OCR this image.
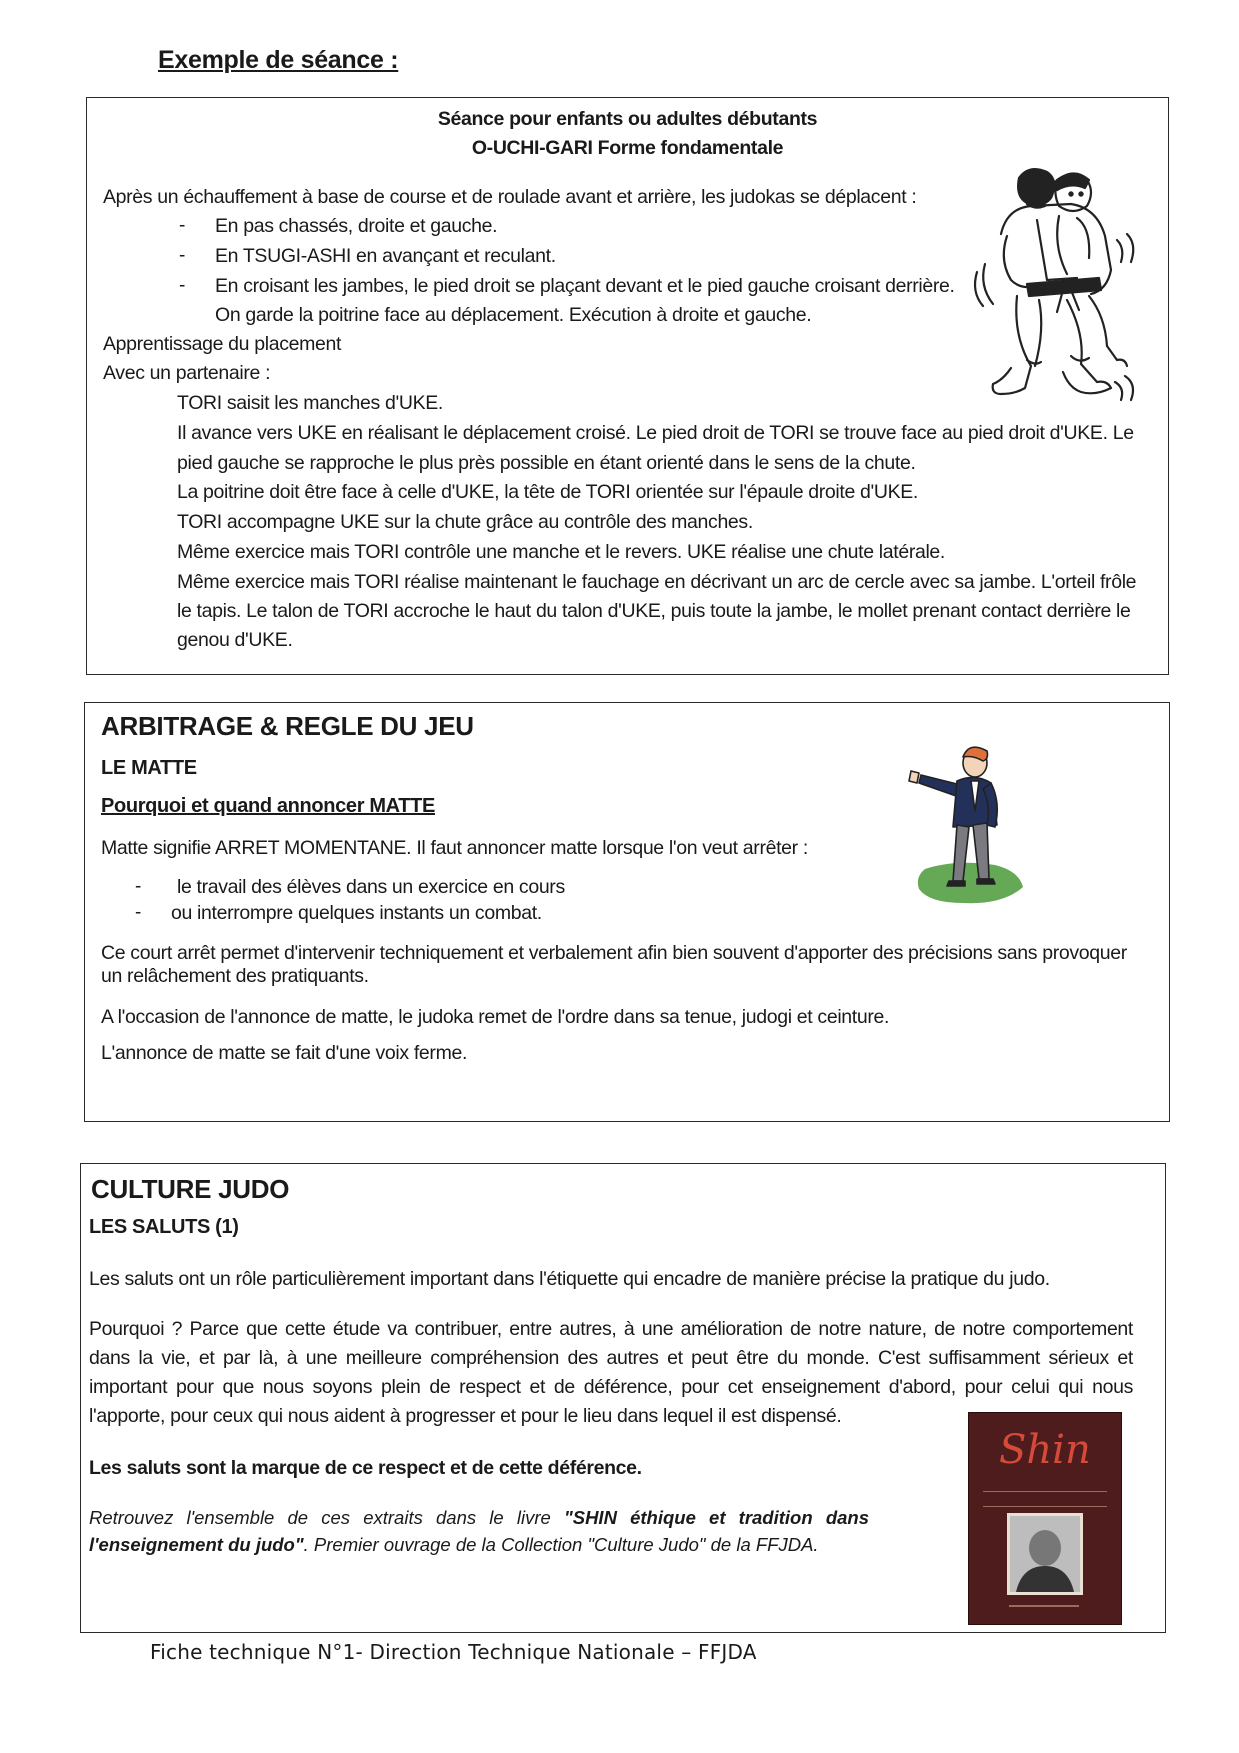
Exemple de séance :
Séance pour enfants ou adultes débutants
O-UCHI-GARI Forme fondamentale
Après un échauffement à base de course et de roulade avant et arrière, les judokas se déplacent :
- En pas chassés, droite et gauche.
- En TSUGI-ASHI en avançant et reculant.
- En croisant les jambes, le pied droit se plaçant devant et le pied gauche croisant derrière.
On garde la poitrine face au déplacement. Exécution à droite et gauche.
Apprentissage du placement
Avec un partenaire :
TORI saisit les manches d'UKE.
Il avance vers UKE en réalisant le déplacement croisé. Le pied droit de TORI se trouve face au pied droit d'UKE. Le
pied gauche se rapproche le plus près possible en étant orienté dans le sens de la chute.
La poitrine doit être face à celle d'UKE, la tête de TORI orientée sur l'épaule droite d'UKE.
TORI accompagne UKE sur la chute grâce au contrôle des manches.
Même exercice mais TORI contrôle une manche et le revers. UKE réalise une chute latérale.
Même exercice mais TORI réalise maintenant le fauchage en décrivant un arc de cercle avec sa jambe. L'orteil frôle
le tapis. Le talon de TORI accroche le haut du talon d'UKE, puis toute la jambe, le mollet prenant contact derrière le
genou d'UKE.
ARBITRAGE & REGLE DU JEU
LE MATTE
Pourquoi et quand annoncer MATTE
Matte signifie ARRET MOMENTANE. Il faut annoncer matte lorsque l'on veut arrêter :
- le travail des élèves dans un exercice en cours
- ou interrompre quelques instants un combat.
Ce court arrêt permet d'intervenir techniquement et verbalement afin bien souvent d'apporter des précisions sans provoquer
un relâchement des pratiquants.
A l'occasion de l'annonce de matte, le judoka remet de l'ordre dans sa tenue, judogi et ceinture.
L'annonce de matte se fait d'une voix ferme.
CULTURE JUDO
LES SALUTS (1)
Les saluts ont un rôle particulièrement important dans l'étiquette qui encadre de manière précise la pratique du judo.
Pourquoi ? Parce que cette étude va contribuer, entre autres, à une amélioration de notre nature, de notre comportement dans la vie, et par là, à une meilleure compréhension des autres et peut être du monde. C'est suffisamment sérieux et important pour que nous soyons plein de respect et de déférence, pour cet enseignement d'abord, pour celui qui nous l'apporte, pour ceux qui nous aident à progresser et pour le lieu dans lequel il est dispensé.
Les saluts sont la marque de ce respect et de cette déférence.
Retrouvez l'ensemble de ces extraits dans le livre "SHIN éthique et tradition dans l'enseignement du judo". Premier ouvrage de la Collection "Culture Judo" de la FFJDA.
Shin
Fiche technique N°1- Direction Technique Nationale – FFJDA
